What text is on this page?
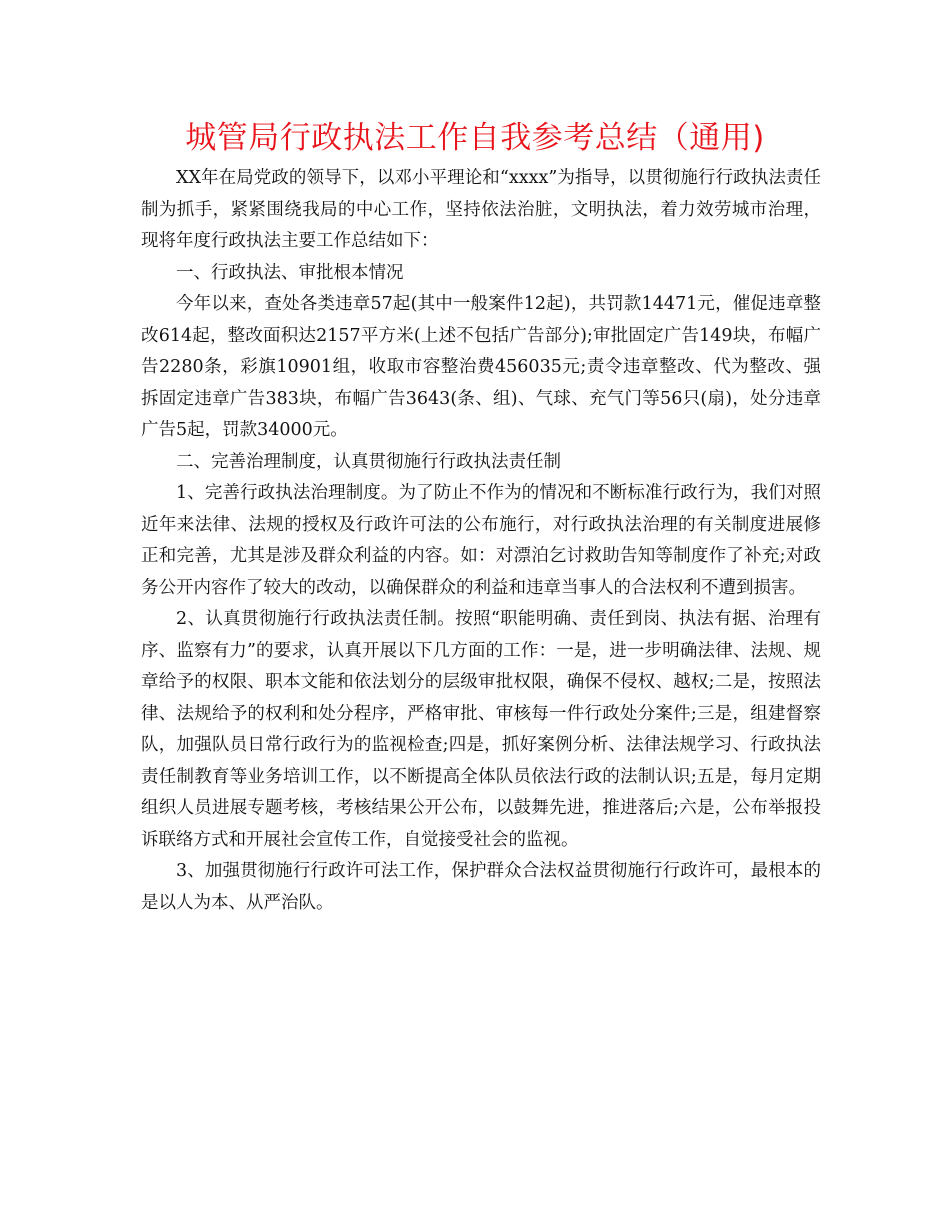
城管局行政执法工作自我参考总结（通用)

XX年在局党政的领导下，以邓小平理论和“xxxx”为指导，以贯彻施行行政执法责任制为抓手，紧紧围绕我局的中心工作，坚持依法治脏，文明执法，着力效劳城市治理，现将年度行政执法主要工作总结如下：

一、行政执法、审批根本情况

今年以来，查处各类违章57起(其中一般案件12起)，共罚款14471元，催促违章整改614起，整改面积达2157平方米(上述不包括广告部分);审批固定广告149块，布幅广告2280条，彩旗10901组，收取市容整治费456035元;责令违章整改、代为整改、强拆固定违章广告383块，布幅广告3643(条、组)、气球、充气门等56只(扇)，处分违章广告5起，罚款34000元。

二、完善治理制度，认真贯彻施行行政执法责任制

1、完善行政执法治理制度。为了防止不作为的情况和不断标准行政行为，我们对照近年来法律、法规的授权及行政许可法的公布施行，对行政执法治理的有关制度进展修正和完善，尤其是涉及群众利益的内容。如：对漂泊乞讨救助告知等制度作了补充;对政务公开内容作了较大的改动，以确保群众的利益和违章当事人的合法权利不遭到损害。

2、认真贯彻施行行政执法责任制。按照“职能明确、责任到岗、执法有据、治理有序、监察有力”的要求，认真开展以下几方面的工作：一是，进一步明确法律、法规、规章给予的权限、职本文能和依法划分的层级审批权限，确保不侵权、越权;二是，按照法律、法规给予的权利和处分程序，严格审批、审核每一件行政处分案件;三是，组建督察队，加强队员日常行政行为的监视检查;四是，抓好案例分析、法律法规学习、行政执法责任制教育等业务培训工作，以不断提高全体队员依法行政的法制认识;五是，每月定期组织人员进展专题考核，考核结果公开公布，以鼓舞先进，推进落后;六是，公布举报投诉联络方式和开展社会宣传工作，自觉接受社会的监视。

3、加强贯彻施行行政许可法工作，保护群众合法权益贯彻施行行政许可，最根本的是以人为本、从严治队。
